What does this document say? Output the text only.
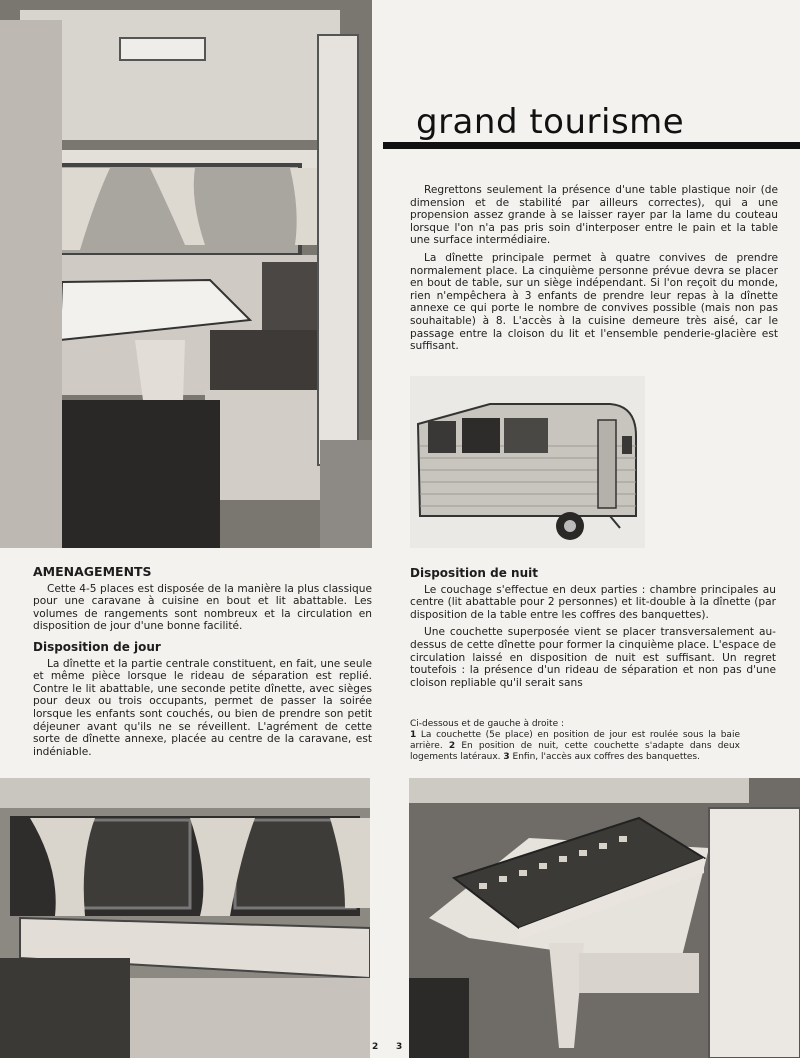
grand tourisme

Regrettons seulement la présence d'une table plastique noir (de dimension et de stabilité par ailleurs correctes), qui a une propension assez grande à se laisser rayer par la lame du couteau lorsque l'on n'a pas pris soin d'interposer entre le pain et la table une surface intermédiaire.

La dînette principale permet à quatre convives de prendre normalement place. La cinquième personne prévue devra se placer en bout de table, sur un siège indépendant. Si l'on reçoit du monde, rien n'empêchera à 3 enfants de prendre leur repas à la dînette annexe ce qui porte le nombre de convives possible (mais non pas souhaitable) à 8. L'accès à la cuisine demeure très aisé, car le passage entre la cloison du lit et l'ensemble penderie-glacière est suffisant.

AMENAGEMENTS

Cette 4-5 places est disposée de la manière la plus classique pour une caravane à cuisine en bout et lit abattable. Les volumes de rangements sont nombreux et la circulation en disposition de jour d'une bonne facilité.

Disposition de jour

La dînette et la partie centrale constituent, en fait, une seule et même pièce lorsque le rideau de séparation est replié. Contre le lit abattable, une seconde petite dînette, avec sièges pour deux ou trois occupants, permet de passer la soirée lorsque les enfants sont couchés, ou bien de prendre son petit déjeuner avant qu'ils ne se réveillent. L'agrément de cette sorte de dînette annexe, placée au centre de la caravane, est indéniable.

Disposition de nuit

Le couchage s'effectue en deux parties : chambre principales au centre (lit abattable pour 2 personnes) et lit-double à la dînette (par disposition de la table entre les coffres des banquettes).

Une couchette superposée vient se placer transversalement au-dessus de cette dînette pour former la cinquième place. L'espace de circulation laissé en disposition de nuit est suffisant. Un regret toutefois : la présence d'un rideau de séparation et non pas d'une cloison repliable qu'il serait sans

Ci-dessous et de gauche à droite :

1 La couchette (5e place) en position de jour est roulée sous la baie arrière. 2 En position de nuit, cette couchette s'adapte dans deux logements latéraux. 3 Enfin, l'accès aux coffres des banquettes.

2 3
